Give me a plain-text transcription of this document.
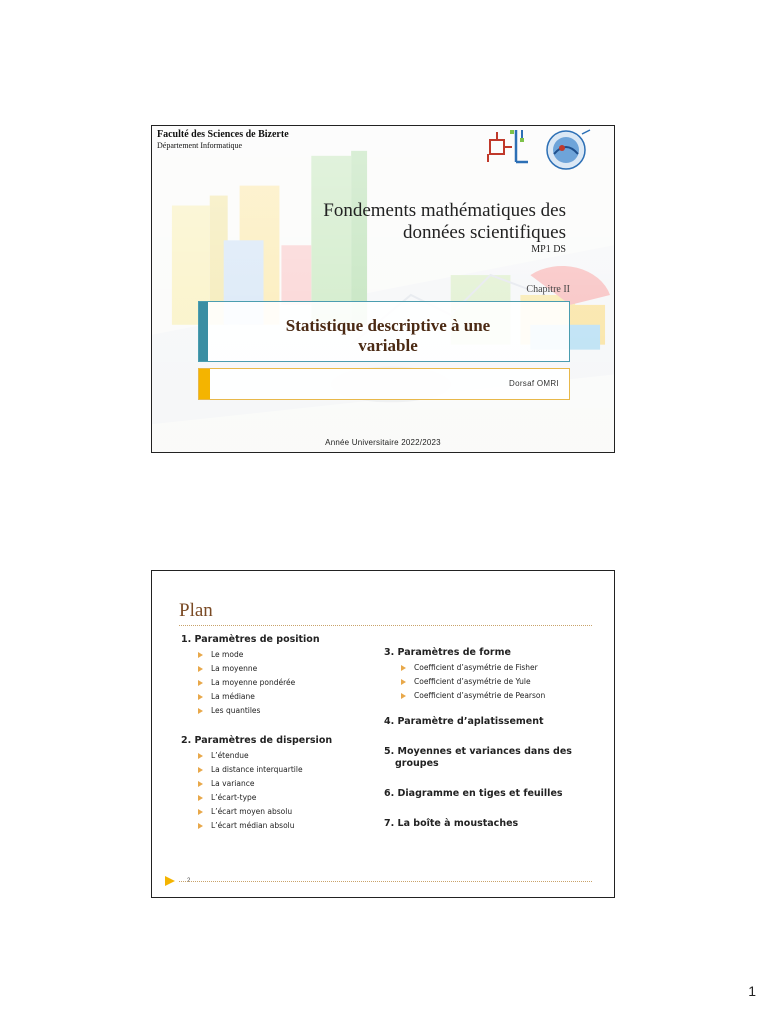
Faculté des Sciences de Bizerte
Département Informatique
Fondements mathématiques des
données scientifiques
MP1 DS
Chapitre II
Statistique descriptive à une
variable
Dorsaf OMRI
Année Universitaire 2022/2023
Plan
1. Paramètres de position
Le mode
La moyenne
La moyenne pondérée
La médiane
Les quantiles
2. Paramètres de dispersion
L’étendue
La distance interquartile
La variance
L’écart-type
L’écart moyen absolu
L’écart médian absolu
3. Paramètres de forme
Coefficient d’asymétrie de Fisher
Coefficient d’asymétrie de Yule
Coefficient d’asymétrie de Pearson
4. Paramètre d’aplatissement
5. Moyennes et variances dans des
groupes
6. Diagramme en tiges et feuilles
7. La boîte à moustaches
2
1
